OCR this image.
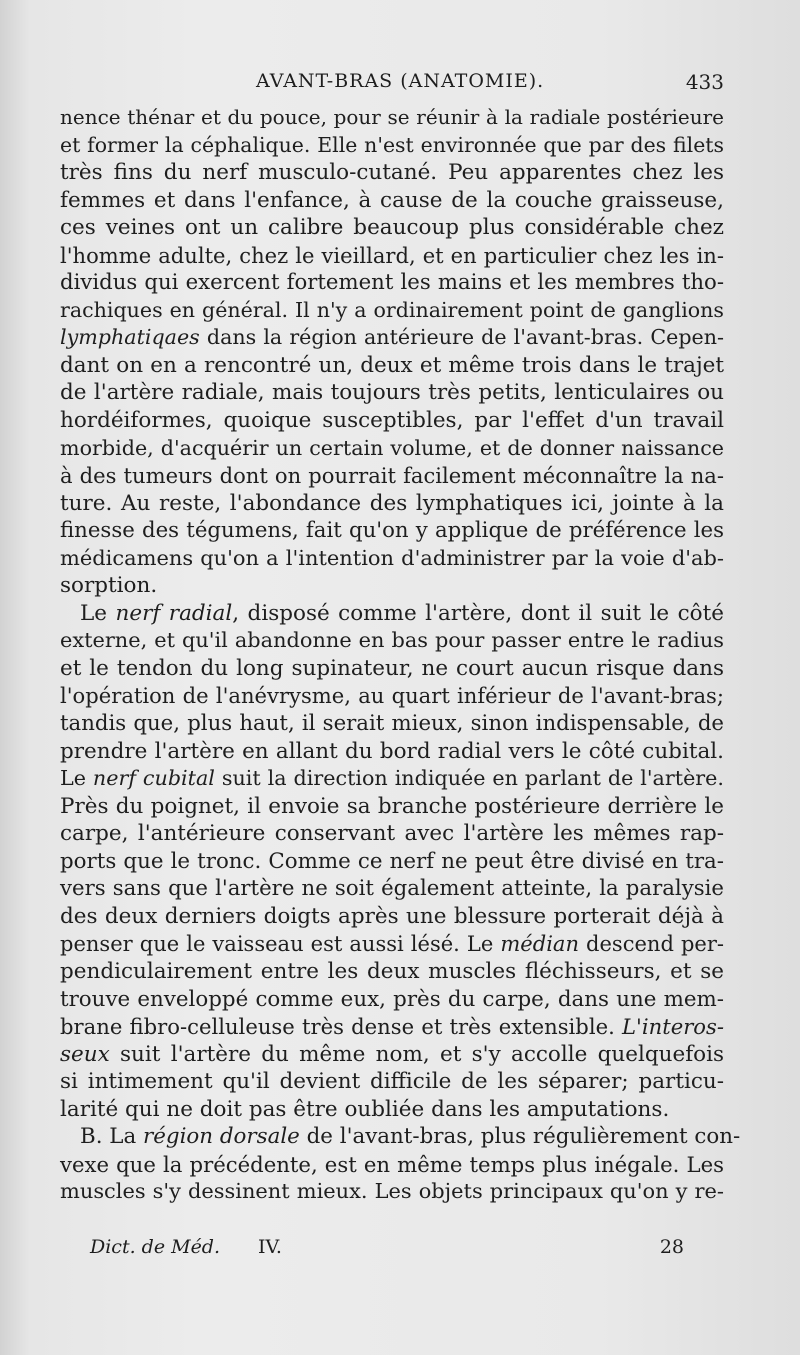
AVANT-BRAS (ANATOMIE).	433
nence thénar et du pouce, pour se réunir à la radiale postérieure
et former la céphalique. Elle n'est environnée que par des filets
très fins du nerf musculo-cutané. Peu apparentes chez les
femmes et dans l'enfance, à cause de la couche graisseuse,
ces veines ont un calibre beaucoup plus considérable chez
l'homme adulte, chez le vieillard, et en particulier chez les in-
dividus qui exercent fortement les mains et les membres tho-
rachiques en général. Il n'y a ordinairement point de ganglions
lymphatiqaes dans la région antérieure de l'avant-bras. Cepen-
dant on en a rencontré un, deux et même trois dans le trajet
de l'artère radiale, mais toujours très petits, lenticulaires ou
hordéiformes, quoique susceptibles, par l'effet d'un travail
morbide, d'acquérir un certain volume, et de donner naissance
à des tumeurs dont on pourrait facilement méconnaître la na-
ture. Au reste, l'abondance des lymphatiques ici, jointe à la
finesse des tégumens, fait qu'on y applique de préférence les
médicamens qu'on a l'intention d'administrer par la voie d'ab-
sorption.
Le nerf radial, disposé comme l'artère, dont il suit le côté
externe, et qu'il abandonne en bas pour passer entre le radius
et le tendon du long supinateur, ne court aucun risque dans
l'opération de l'anévrysme, au quart inférieur de l'avant-bras;
tandis que, plus haut, il serait mieux, sinon indispensable, de
prendre l'artère en allant du bord radial vers le côté cubital.
Le nerf cubital suit la direction indiquée en parlant de l'artère.
Près du poignet, il envoie sa branche postérieure derrière le
carpe, l'antérieure conservant avec l'artère les mêmes rap-
ports que le tronc. Comme ce nerf ne peut être divisé en tra-
vers sans que l'artère ne soit également atteinte, la paralysie
des deux derniers doigts après une blessure porterait déjà à
penser que le vaisseau est aussi lésé. Le médian descend per-
pendiculairement entre les deux muscles fléchisseurs, et se
trouve enveloppé comme eux, près du carpe, dans une mem-
brane fibro-celluleuse très dense et très extensible. L'interos-
seux suit l'artère du même nom, et s'y accolle quelquefois
si intimement qu'il devient difficile de les séparer; particu-
larité qui ne doit pas être oubliée dans les amputations.
B. La région dorsale de l'avant-bras, plus régulièrement con-
vexe que la précédente, est en même temps plus inégale. Les
muscles s'y dessinent mieux. Les objets principaux qu'on y re-
Dict. de Méd. IV.	28
